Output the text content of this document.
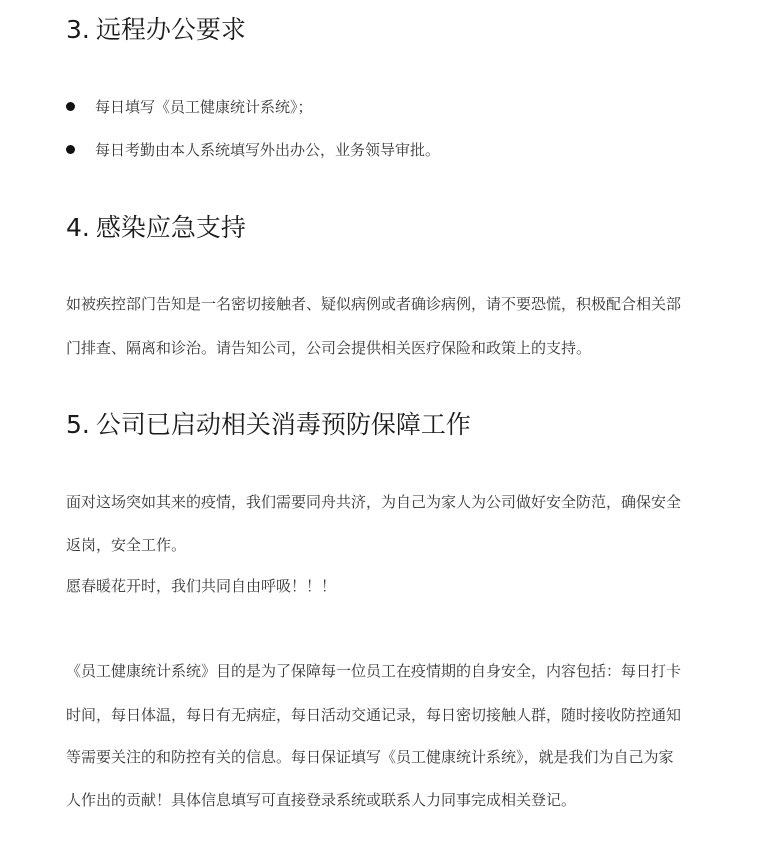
3. 远程办公要求
每日填写《员工健康统计系统》；
每日考勤由本人系统填写外出办公，业务领导审批。
4. 感染应急支持
如被疾控部门告知是一名密切接触者、疑似病例或者确诊病例，请不要恐慌，积极配合相关部
门排查、隔离和诊治。请告知公司，公司会提供相关医疗保险和政策上的支持。
5. 公司已启动相关消毒预防保障工作
面对这场突如其来的疫情，我们需要同舟共济，为自己为家人为公司做好安全防范，确保安全
返岗，安全工作。
愿春暖花开时，我们共同自由呼吸！！！
《员工健康统计系统》目的是为了保障每一位员工在疫情期的自身安全，内容包括：每日打卡
时间，每日体温，每日有无病症，每日活动交通记录，每日密切接触人群，随时接收防控通知
等需要关注的和防控有关的信息。每日保证填写《员工健康统计系统》，就是我们为自己为家
人作出的贡献！具体信息填写可直接登录系统或联系人力同事完成相关登记。
